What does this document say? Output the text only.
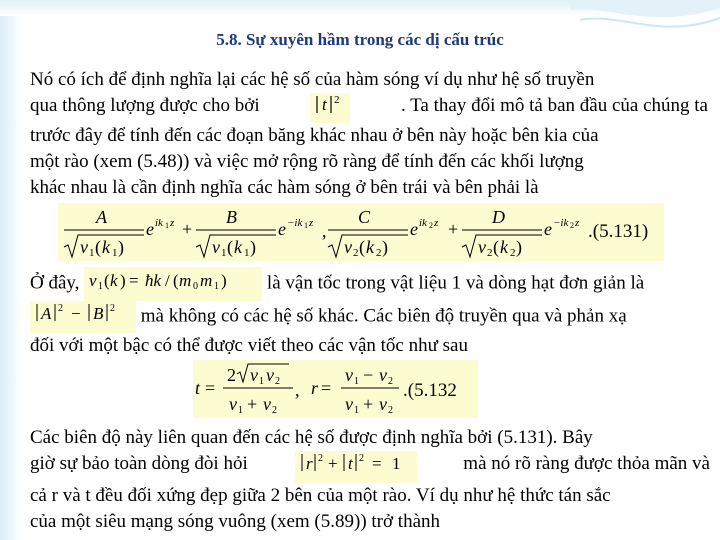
5.8. Sự xuyên hầm trong các dị cấu trúc
Nó có ích để định nghĩa lại các hệ số của hàm sóng ví dụ như hệ số truyền
qua thông lượng được cho bởi	t 2	. Ta thay đổi mô tả ban đầu của chúng ta
trước đây để tính đến các đoạn băng khác nhau ở bên này hoặc bên kia của
một rào (xem (5.48)) và việc mở rộng rõ ràng để tính đến các khối lượng
khác nhau là cần định nghĩa các hàm sóng ở bên trái và bên phải là
A
v 1 ( k 1 )
e ik 1 z +
B
v 1 ( k 1 )
e −ik 1 z ,
C
v 2 ( k 2 )
e ik 2 z +
D
v 2 ( k 2 )
e −ik 2 z .(5.131)
Ở đây, v 1 ( k ) = ħk / ( m 0 m 1 ) là vận tốc trong vật liệu 1 và dòng hạt đơn giản là
A 2 − B 2 mà không có các hệ số khác. Các biên độ truyền qua và phản xạ
đối với một bậc có thể được viết theo các vận tốc như sau
t =
2 v 1 v 2
v 1 + v 2
, r =
v 1 − v 2
v 1 + v 2
.(5.132
Các biên độ này liên quan đến các hệ số được định nghĩa bởi (5.131). Bây
giờ sự bảo toàn dòng đòi hỏi	r 2 + t 2 = 1	mà nó rõ ràng được thỏa mãn và
cả r và t đều đối xứng đẹp giữa 2 bên của một rào. Ví dụ như hệ thức tán sắc
của một siêu mạng sóng vuông (xem (5.89)) trở thành
